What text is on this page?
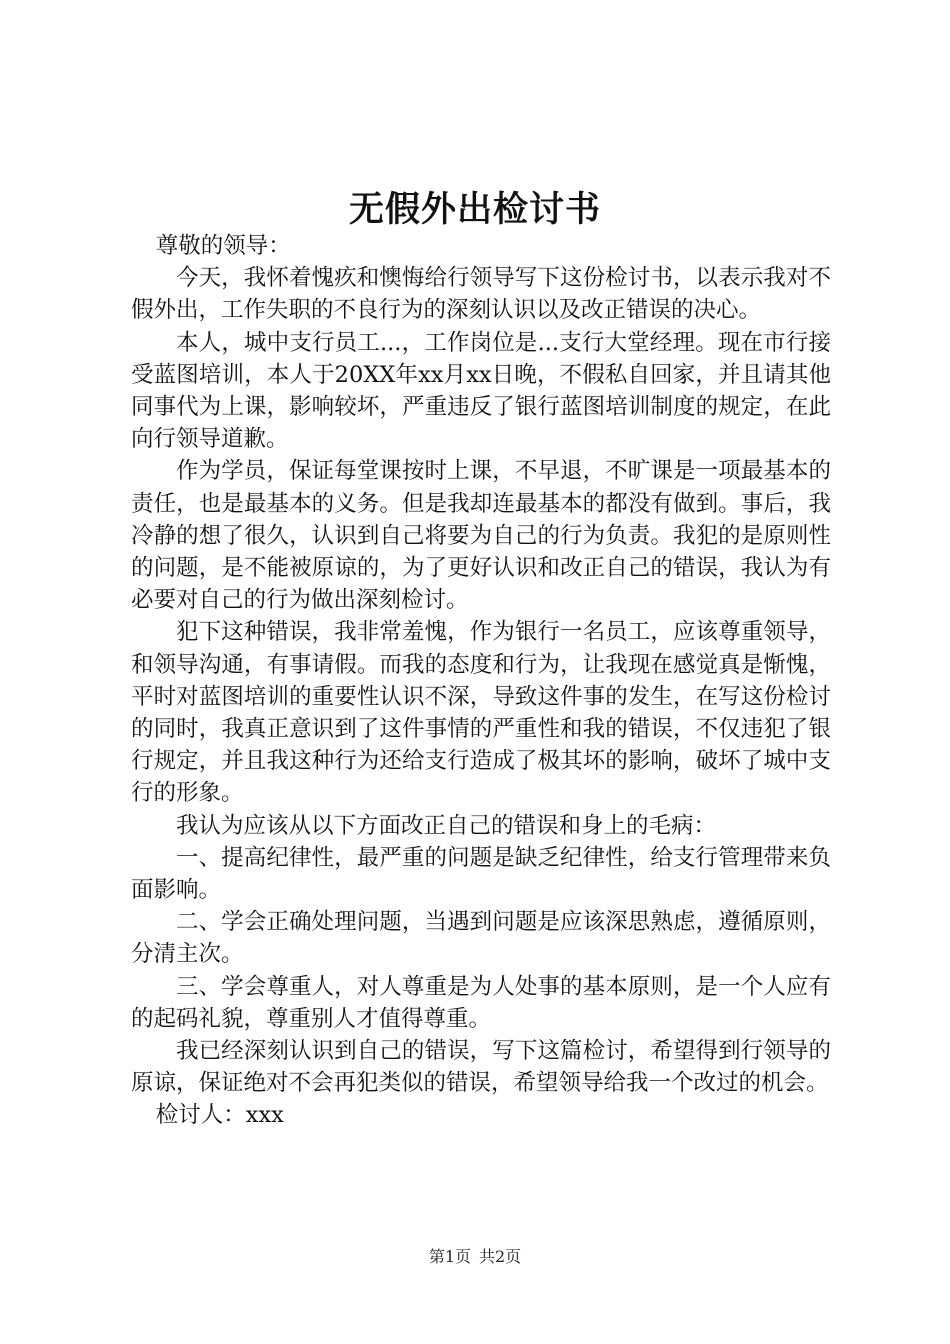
无假外出检讨书

尊敬的领导：

今天，我怀着愧疚和懊悔给行领导写下这份检讨书，以表示我对不假外出，工作失职的不良行为的深刻认识以及改正错误的决心。

本人，城中支行员工...，工作岗位是...支行大堂经理。现在市行接受蓝图培训，本人于20XX年xx月xx日晚，不假私自回家，并且请其他同事代为上课，影响较坏，严重违反了银行蓝图培训制度的规定，在此向行领导道歉。

作为学员，保证每堂课按时上课，不早退，不旷课是一项最基本的责任，也是最基本的义务。但是我却连最基本的都没有做到。事后，我冷静的想了很久，认识到自己将要为自己的行为负责。我犯的是原则性的问题，是不能被原谅的，为了更好认识和改正自己的错误，我认为有必要对自己的行为做出深刻检讨。

犯下这种错误，我非常羞愧，作为银行一名员工，应该尊重领导，和领导沟通，有事请假。而我的态度和行为，让我现在感觉真是惭愧，平时对蓝图培训的重要性认识不深，导致这件事的发生，在写这份检讨的同时，我真正意识到了这件事情的严重性和我的错误，不仅违犯了银行规定，并且我这种行为还给支行造成了极其坏的影响，破坏了城中支行的形象。

我认为应该从以下方面改正自己的错误和身上的毛病：

一、提高纪律性，最严重的问题是缺乏纪律性，给支行管理带来负面影响。

二、学会正确处理问题，当遇到问题是应该深思熟虑，遵循原则，分清主次。

三、学会尊重人，对人尊重是为人处事的基本原则，是一个人应有的起码礼貌，尊重别人才值得尊重。

我已经深刻认识到自己的错误，写下这篇检讨，希望得到行领导的原谅，保证绝对不会再犯类似的错误，希望领导给我一个改过的机会。

检讨人：xxx

第1页 共2页
